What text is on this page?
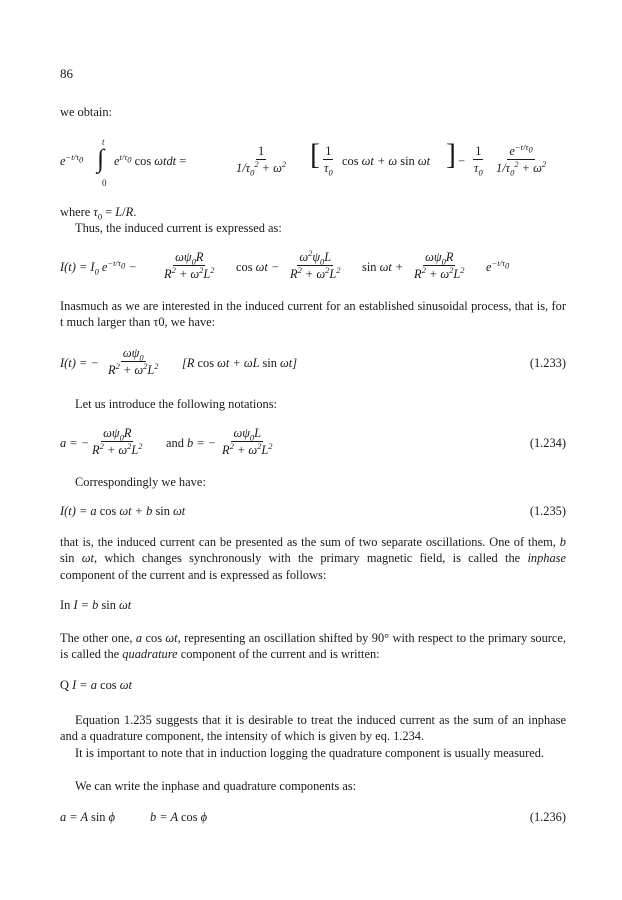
86
we obtain:
$e^{-t/\tau_0}$
t
∫
0
$e^{t/\tau_0}$ cos ωtdt =	$\frac{1}{1/\tau_0^2 + \omega^2}$ [ $\frac{1}{\tau_0}$ cos ωt + ω sin ωt ] − $\frac{1}{\tau_0} \frac{e^{-t/\tau_0}}{1/\tau_0^2 + \omega^2}$
where $\tau_0 = L/R$.
Thus, the induced current is expressed as:
$I(t) = I_0$ $e^{-t/\tau_0} - \frac{\omega\psi_0R}{R^2 + \omega^2L^2}$ $\cos \omega t - \frac{\omega^2\psi_0L}{R^2 + \omega^2L^2}$ $\sin \omega t + \frac{\omega\psi_0R}{R^2 + \omega^2L^2} e^{-t/\tau_0}$
Inasmuch as we are interested in the induced current for an established sinusoidal process, that is, for t much larger than τ0, we have:
I(t) = − $\frac{\omega\psi_0}{R^2 + \omega^2L^2} [R$ cos ωt + ωL sin ωt]	(1.233)
Let us introduce the following notations:
a = − $\frac{\omega\psi_0R}{R^2 + \omega^2L^2}$ and b = − $\frac{\omega\psi_0L}{R^2 + \omega^2L^2}$	(1.234)
Correspondingly we have:
I(t) = a cos ωt + b sin ωt	(1.235)
that is, the induced current can be presented as the sum of two separate oscillations. One of them, b sin ωt, which changes synchronously with the primary magnetic field, is called the inphase component of the current and is expressed as follows:
In I = b sin ωt
The other one, a cos ωt, representing an oscillation shifted by 90° with respect to the primary source, is called the quadrature component of the current and is written:
Q I = a cos ωt
Equation 1.235 suggests that it is desirable to treat the induced current as the sum of an inphase and a quadrature component, the intensity of which is given by eq. 1.234.
It is important to note that in induction logging the quadrature component is usually measured.
We can write the inphase and quadrature components as:
a = A sin ϕ	b = A cos ϕ	(1.236)
